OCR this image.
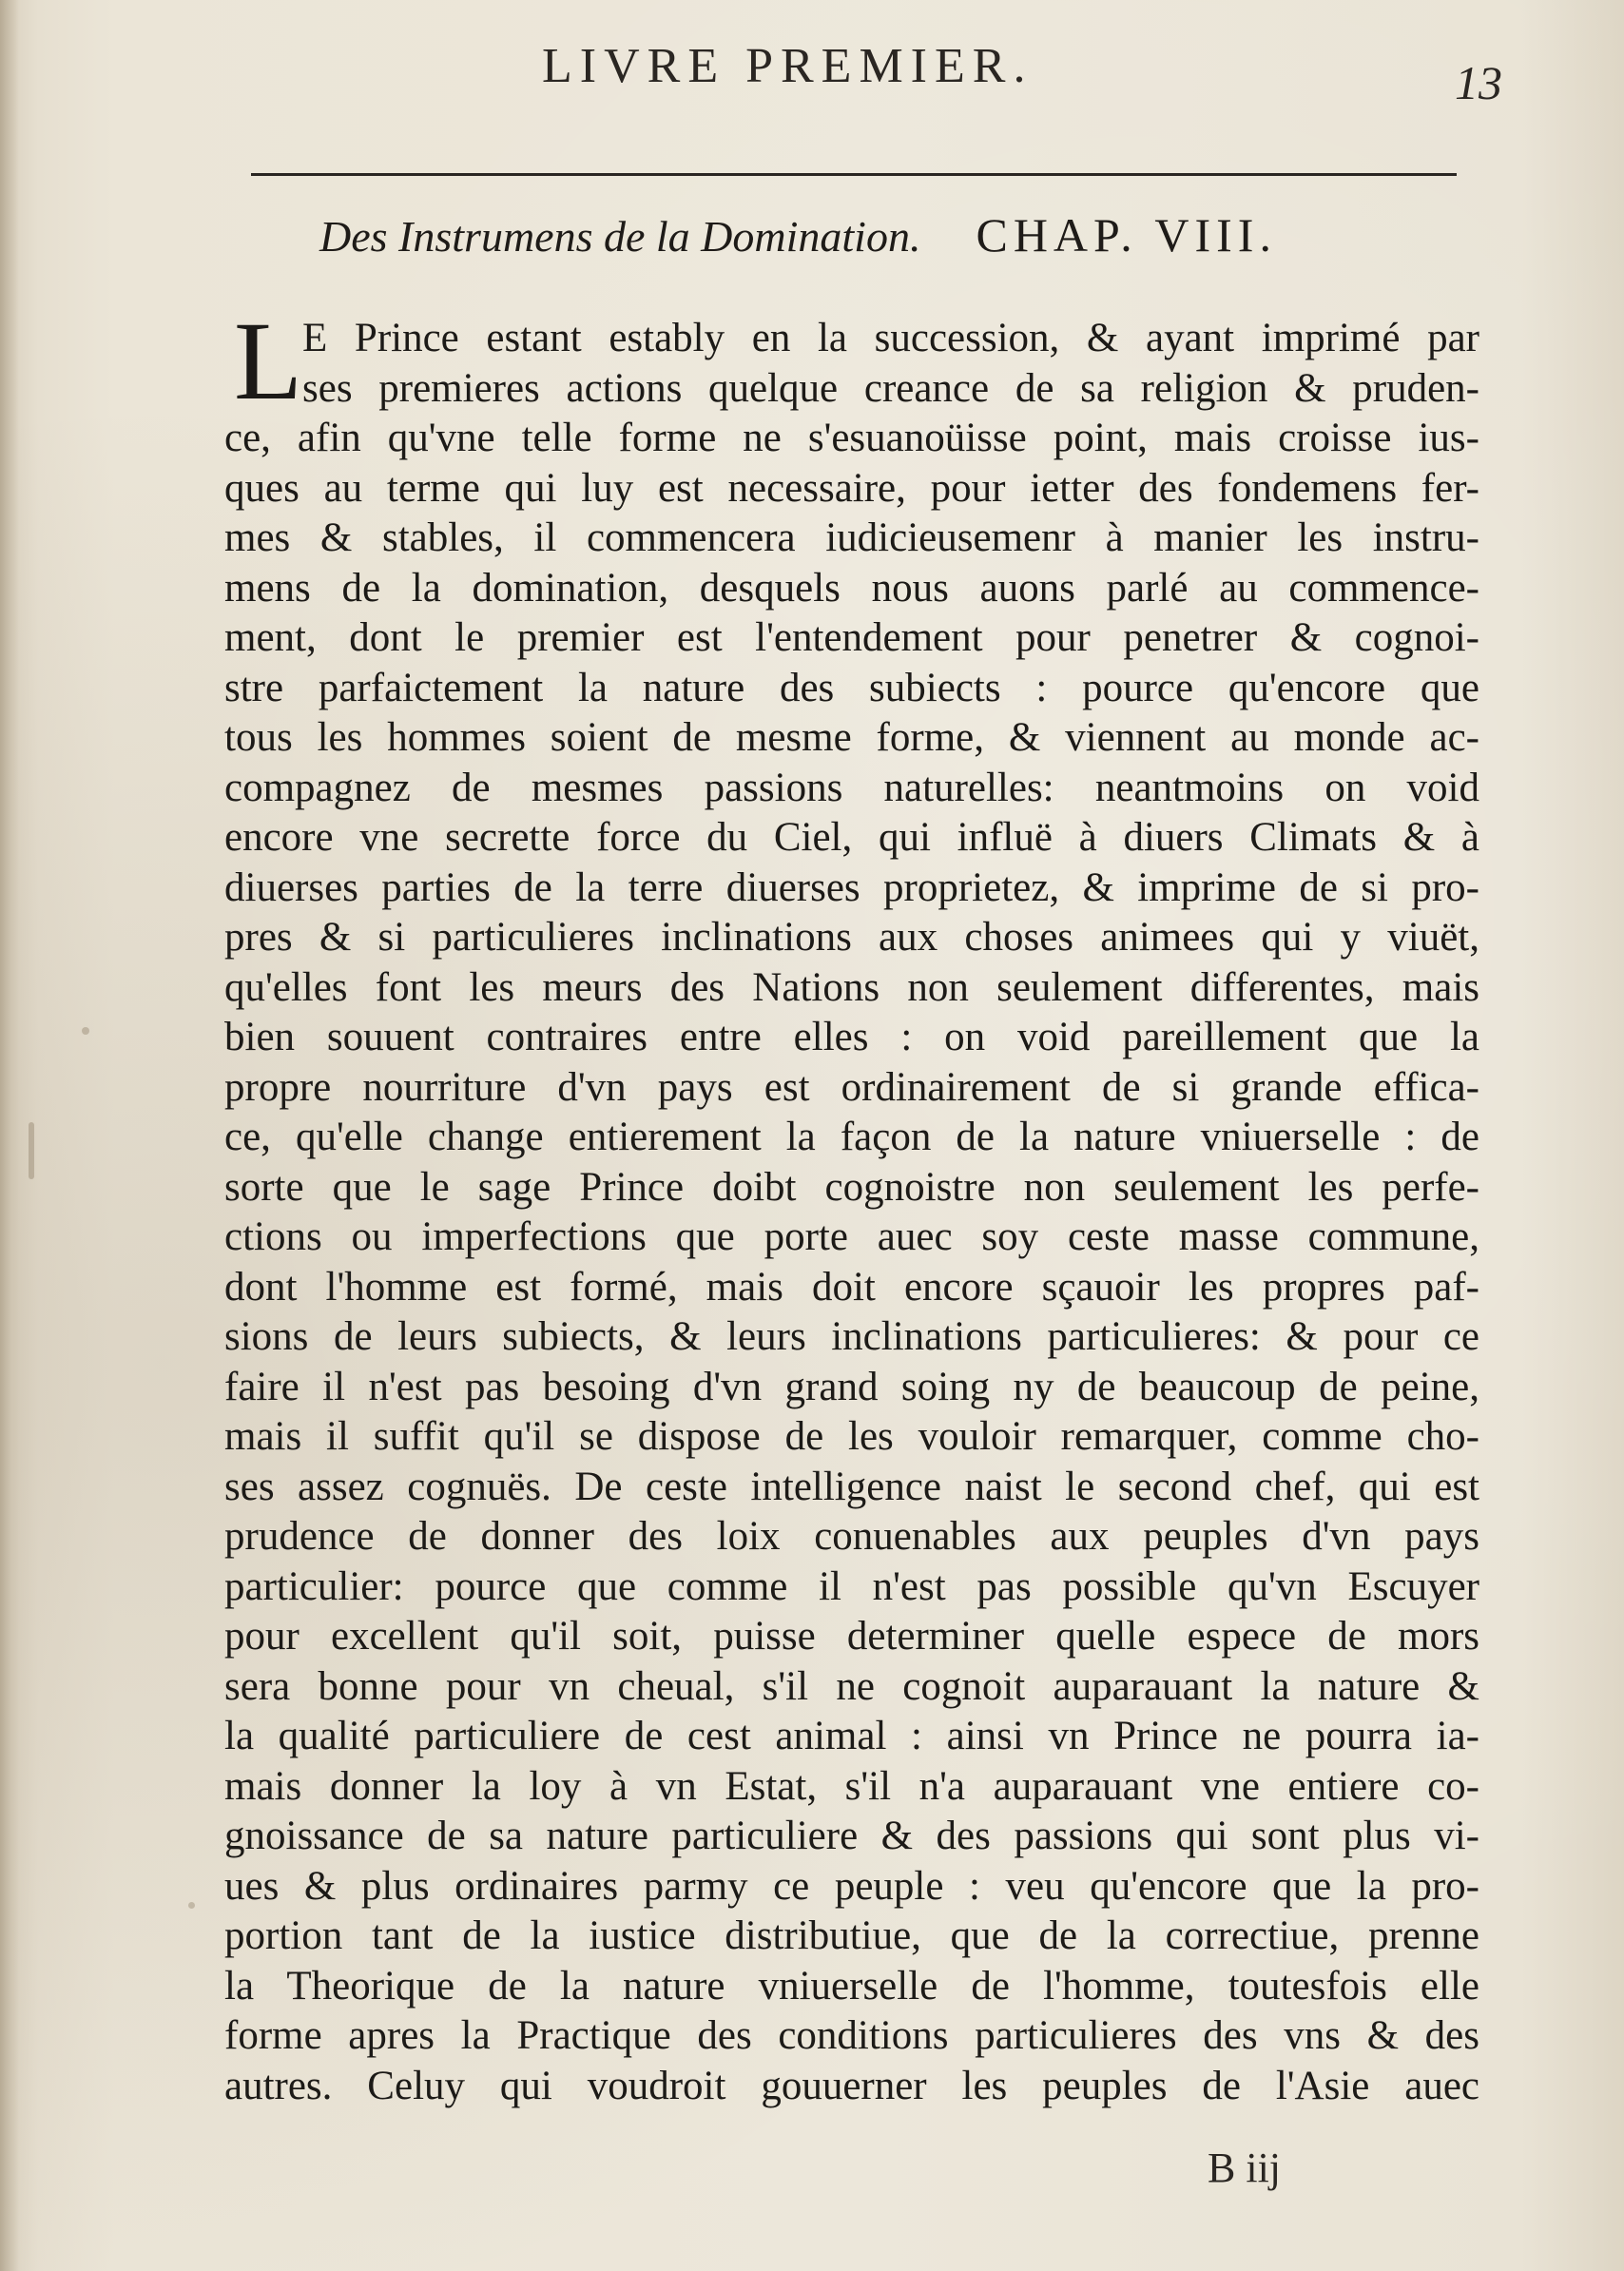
LIVRE PREMIER.	13
Des Instrumens de la Domination. CHAP. VIII.
L E Prince estant estably en la succession, & ayant imprimé par
ses premieres actions quelque creance de sa religion & pruden-
ce, afin qu'vne telle forme ne s'esuanoüisse point, mais croisse ius-
ques au terme qui luy est necessaire, pour ietter des fondemens fer-
mes & stables, il commencera iudicieusemenr à manier les instru-
mens de la domination, desquels nous auons parlé au commence-
ment, dont le premier est l'entendement pour penetrer & cognoi-
stre parfaictement la nature des subiects : pource qu'encore que
tous les hommes soient de mesme forme, & viennent au monde ac-
compagnez de mesmes passions naturelles: neantmoins on void
encore vne secrette force du Ciel, qui influë à diuers Climats & à
diuerses parties de la terre diuerses proprietez, & imprime de si pro-
pres & si particulieres inclinations aux choses animees qui y viuët,
qu'elles font les meurs des Nations non seulement differentes, mais
bien souuent contraires entre elles : on void pareillement que la
propre nourriture d'vn pays est ordinairement de si grande effica-
ce, qu'elle change entierement la façon de la nature vniuerselle : de
sorte que le sage Prince doibt cognoistre non seulement les perfe-
ctions ou imperfections que porte auec soy ceste masse commune,
dont l'homme est formé, mais doit encore sçauoir les propres paf-
sions de leurs subiects, & leurs inclinations particulieres: & pour ce
faire il n'est pas besoing d'vn grand soing ny de beaucoup de peine,
mais il suffit qu'il se dispose de les vouloir remarquer, comme cho-
ses assez cognuës. De ceste intelligence naist le second chef, qui est
prudence de donner des loix conuenables aux peuples d'vn pays
particulier: pource que comme il n'est pas possible qu'vn Escuyer
pour excellent qu'il soit, puisse determiner quelle espece de mors
sera bonne pour vn cheual, s'il ne cognoit auparauant la nature &
la qualité particuliere de cest animal : ainsi vn Prince ne pourra ia-
mais donner la loy à vn Estat, s'il n'a auparauant vne entiere co-
gnoissance de sa nature particuliere & des passions qui sont plus vi-
ues & plus ordinaires parmy ce peuple : veu qu'encore que la pro-
portion tant de la iustice distributiue, que de la correctiue, prenne
la Theorique de la nature vniuerselle de l'homme, toutesfois elle
forme apres la Practique des conditions particulieres des vns & des
autres. Celuy qui voudroit gouuerner les peuples de l'Asie auec
B iij
